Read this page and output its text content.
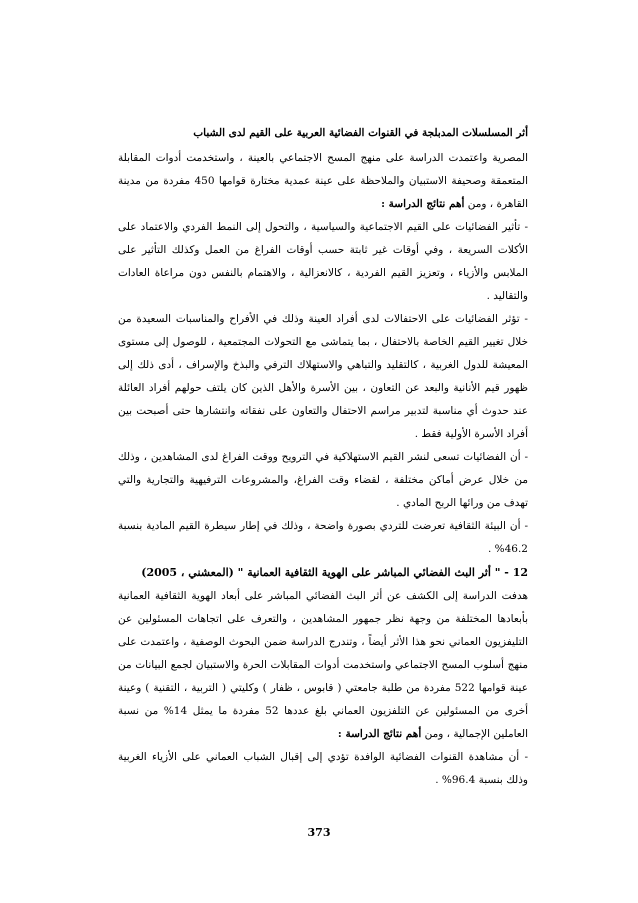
أثر المسلسلات المدبلجة في القنوات الفضائية العربية على القيم لدى الشباب

المصرية واعتمدت الدراسة على منهج المسح الاجتماعي بالعينة ، واستخدمت أدوات المقابلة المتعمقة وصحيفة الاستبيان والملاحظة على عينة عمدية مختارة قوامها 450 مفردة من مدينة القاهرة ، ومن أهم نتائج الدراسة :

- تأثير الفضائيات على القيم الاجتماعية والسياسية ، والتحول إلى النمط الفردي والاعتماد على الأكلات السريعة ، وفي أوقات غير ثابتة حسب أوقات الفراغ من العمل وكذلك التأثير على الملابس والأزياء ، وتعزيز القيم الفردية ، كالانعزالية ، والاهتمام بالنفس دون مراعاة العادات والتقاليد .

- تؤثر الفضائيات على الاحتفالات لدى أفراد العينة وذلك في الأفراح والمناسبات السعيدة من خلال تغيير القيم الخاصة بالاحتفال ، بما يتماشى مع التحولات المجتمعية ، للوصول إلى مستوى المعيشة للدول الغربية ، كالتقليد والتباهي والاستهلاك الترفي والبذخ والإسراف ، أدى ذلك إلى ظهور قيم الأنانية والبعد عن التعاون ، بين الأسرة والأهل الذين كان يلتف حولهم أفراد العائلة عند حدوث أي مناسبة لتدبير مراسم الاحتفال والتعاون على نفقاته وانتشارها حتى أصبحت بين أفراد الأسرة الأولية فقط .

- أن الفضائيات تسعى لنشر القيم الاستهلاكية في الترويح ووقت الفراغ لدى المشاهدين ، وذلك من خلال عرض أماكن مختلفة ، لقضاء وقت الفراغ، والمشروعات الترفيهية والتجارية والتي تهدف من ورائها الربح المادي .

- أن البيئة الثقافية تعرضت للتردي بصورة واضحة ، وذلك في إطار سيطرة القيم المادية بنسبة 46.2% .

12 - " أثر البث الفضائي المباشر على الهوية الثقافية العمانية " (المعشني ، 2005)

هدفت الدراسة إلى الكشف عن أثر البث الفضائي المباشر على أبعاد الهوية الثقافية العمانية بأبعادها المختلفة من وجهة نظر جمهور المشاهدين ، والتعرف على اتجاهات المسئولين عن التليفزيون العماني نحو هذا الأثر أيضاً ، وتندرج الدراسة ضمن البحوث الوصفية ، واعتمدت على منهج أسلوب المسح الاجتماعي واستخدمت أدوات المقابلات الحرة والاستبيان لجمع البيانات من عينة قوامها 522 مفردة من طلبة جامعتي ( قابوس ، ظفار ) وكليتي ( التربية ، التقنية ) وعينة أخرى من المسئولين عن التلفزيون العماني بلغ عددها 52 مفردة ما يمثل 14% من نسبة العاملين الإجمالية ، ومن أهم نتائج الدراسة :

- أن مشاهدة القنوات الفضائية الوافدة تؤدي إلى إقبال الشباب العماني على الأزياء الغربية وذلك بنسبة 96.4% .

373
